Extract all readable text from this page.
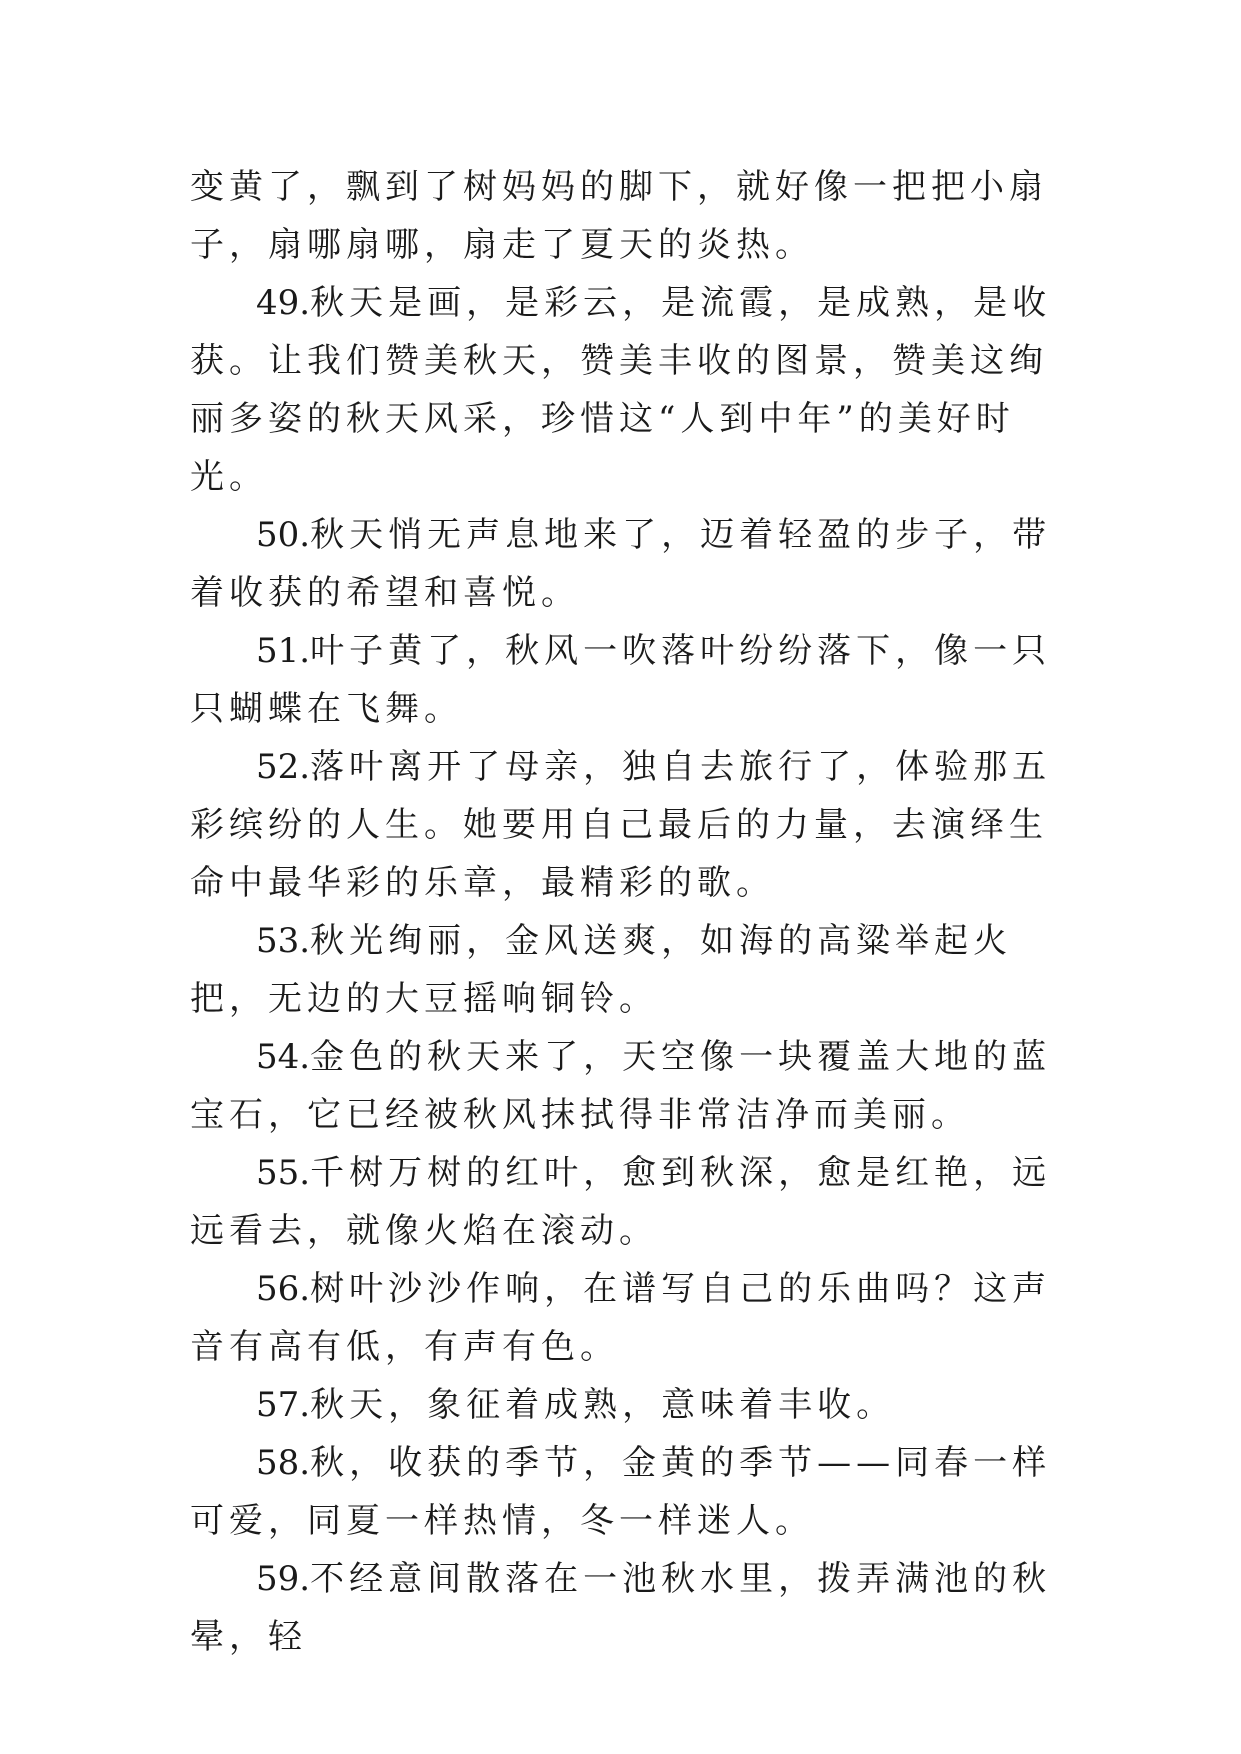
变黄了，飘到了树妈妈的脚下，就好像一把把小扇子，扇哪扇哪，扇走了夏天的炎热。

49.秋天是画，是彩云，是流霞，是成熟，是收获。让我们赞美秋天，赞美丰收的图景，赞美这绚丽多姿的秋天风采，珍惜这“人到中年”的美好时光。

50.秋天悄无声息地来了，迈着轻盈的步子，带着收获的希望和喜悦。

51.叶子黄了，秋风一吹落叶纷纷落下，像一只只蝴蝶在飞舞。

52.落叶离开了母亲，独自去旅行了，体验那五彩缤纷的人生。她要用自己最后的力量，去演绎生命中最华彩的乐章，最精彩的歌。

53.秋光绚丽，金风送爽，如海的高粱举起火把，无边的大豆摇响铜铃。

54.金色的秋天来了，天空像一块覆盖大地的蓝宝石，它已经被秋风抹拭得非常洁净而美丽。

55.千树万树的红叶，愈到秋深，愈是红艳，远远看去，就像火焰在滚动。

56.树叶沙沙作响，在谱写自己的乐曲吗？这声音有高有低，有声有色。

57.秋天，象征着成熟，意味着丰收。

58.秋，收获的季节，金黄的季节——同春一样可爱，同夏一样热情，冬一样迷人。

59.不经意间散落在一池秋水里，拨弄满池的秋晕，轻
